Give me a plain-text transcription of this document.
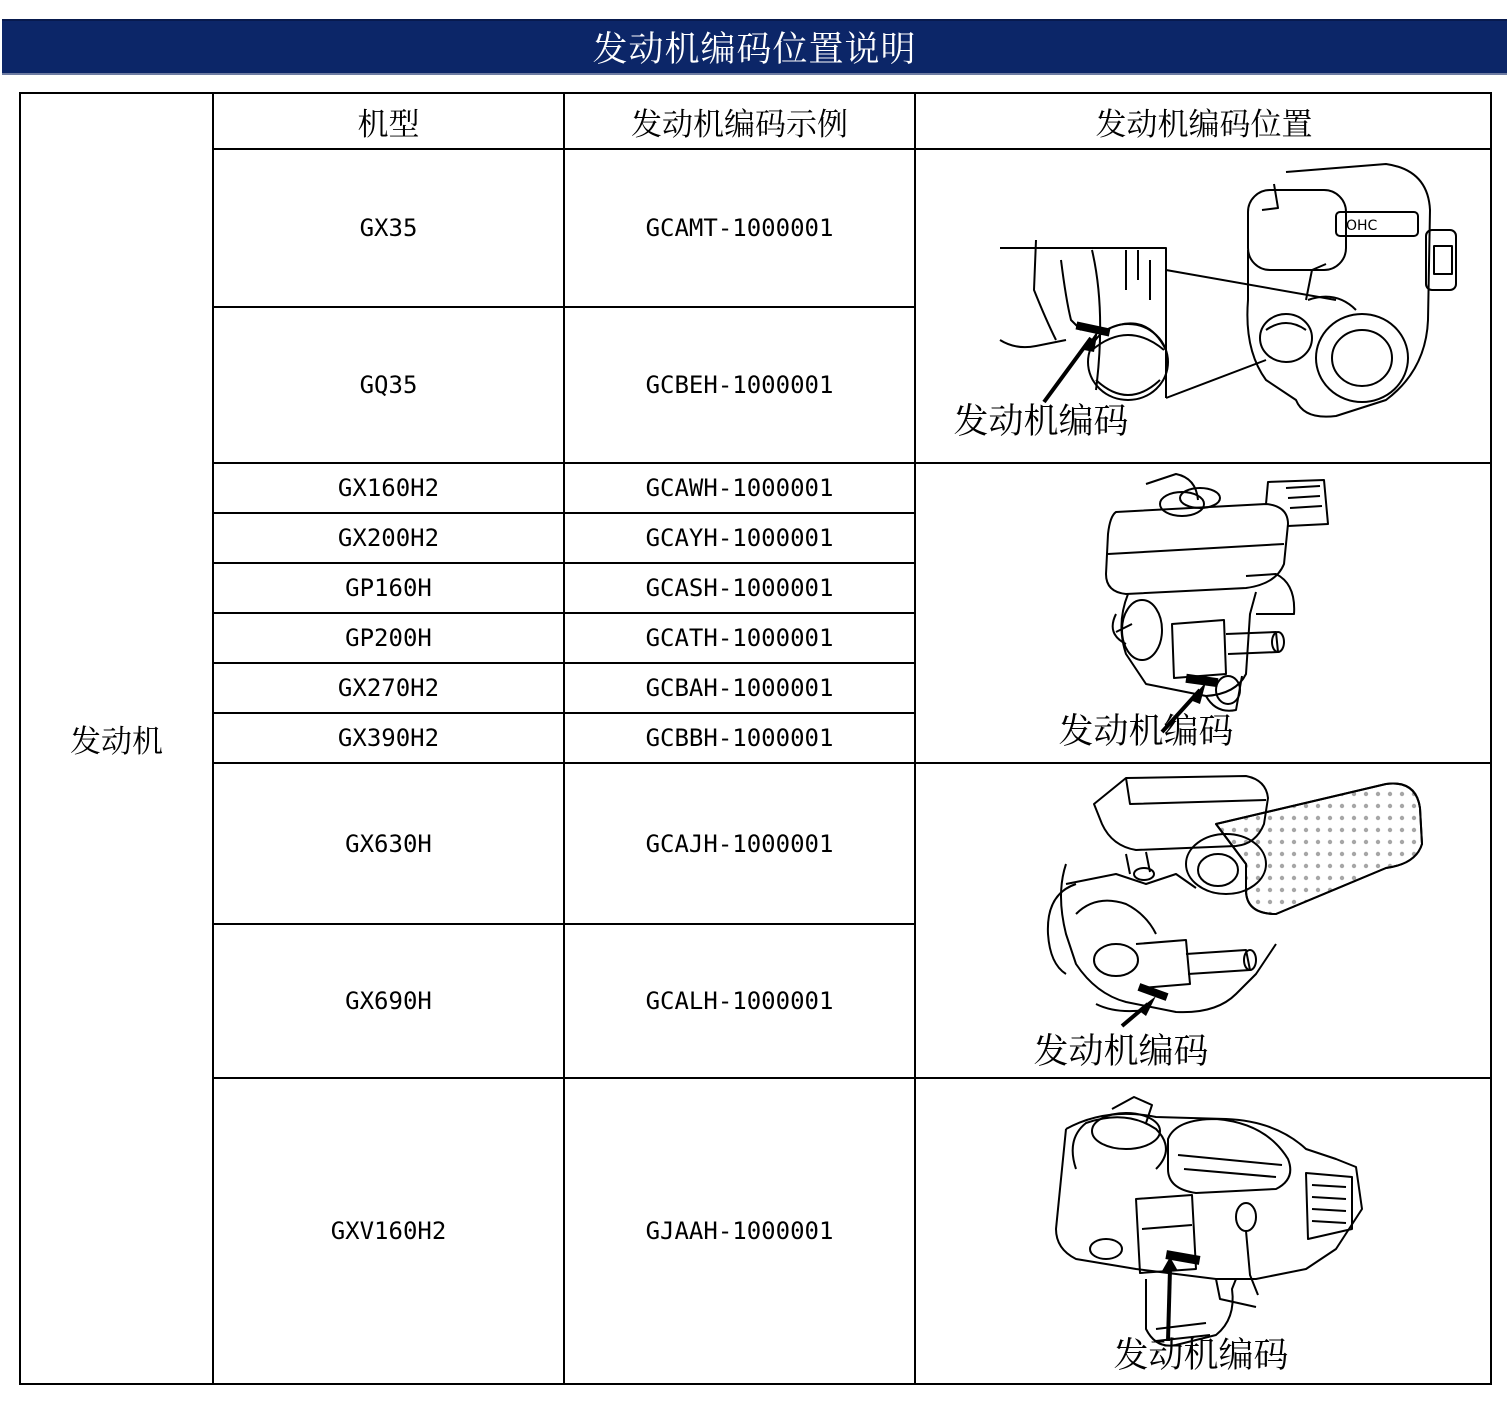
发动机编码位置说明
发动机
机型	发动机编码示例	发动机编码位置
GX35
GQ35
GX160H2
GX200H2
GP160H
GP200H
GX270H2
GX390H2
GX630H
GX690H
GXV160H2
GCAMT-1000001
GCBEH-1000001
GCAWH-1000001
GCAYH-1000001
GCASH-1000001
GCATH-1000001
GCBAH-1000001
GCBBH-1000001
GCAJH-1000001
GCALH-1000001
GJAAH-1000001
OHC
发动机编码
发动机编码
发动机编码
发动机编码
